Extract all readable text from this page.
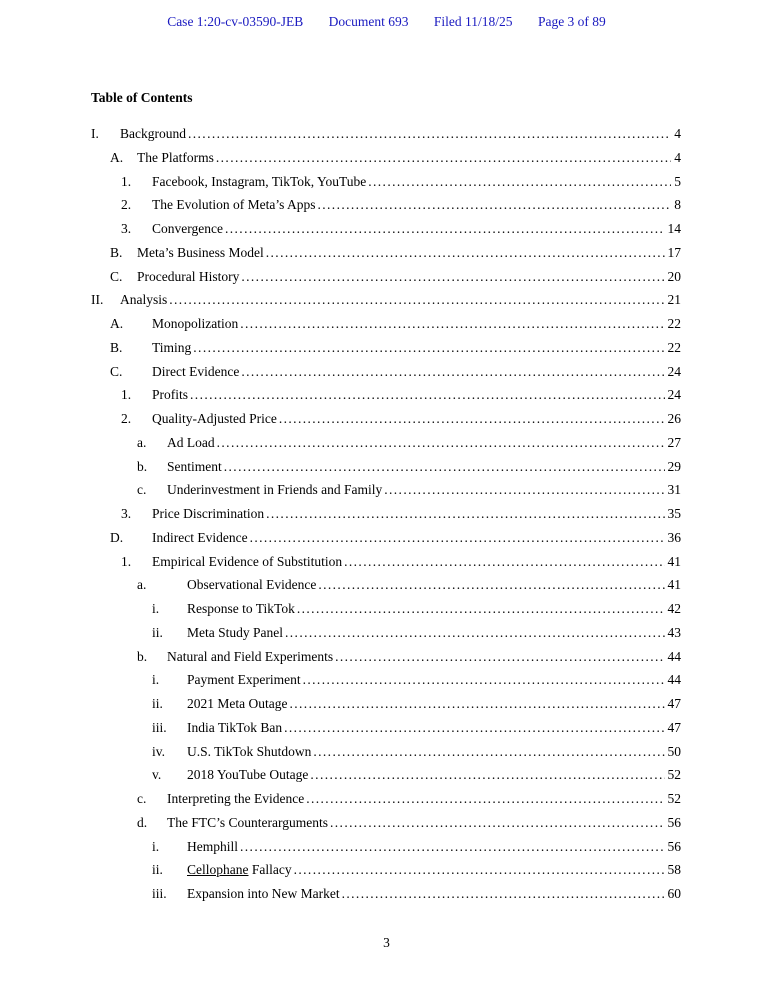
Case 1:20-cv-03590-JEB Document 693 Filed 11/18/25 Page 3 of 89
Table of Contents
I.	Background .....	4
A.	The Platforms .....	4
1.	Facebook, Instagram, TikTok, YouTube .....	5
2.	The Evolution of Meta’s Apps .....	8
3.	Convergence .....	14
B.	Meta’s Business Model .....	17
C.	Procedural History .....	20
II.	Analysis .....	21
A.	Monopolization .....	22
B.	Timing .....	22
C.	Direct Evidence .....	24
1.	Profits .....	24
2.	Quality-Adjusted Price .....	26
a.	Ad Load .....	27
b.	Sentiment .....	29
c.	Underinvestment in Friends and Family .....	31
3.	Price Discrimination .....	35
D.	Indirect Evidence .....	36
1.	Empirical Evidence of Substitution .....	41
a.	Observational Evidence .....	41
i.	Response to TikTok .....	42
ii.	Meta Study Panel .....	43
b.	Natural and Field Experiments .....	44
i.	Payment Experiment .....	44
ii.	2021 Meta Outage .....	47
iii.	India TikTok Ban .....	47
iv.	U.S. TikTok Shutdown .....	50
v.	2018 YouTube Outage .....	52
c.	Interpreting the Evidence .....	52
d.	The FTC’s Counterarguments .....	56
i.	Hemphill .....	56
ii.	Cellophane Fallacy .....	58
iii.	Expansion into New Market .....	60
3
